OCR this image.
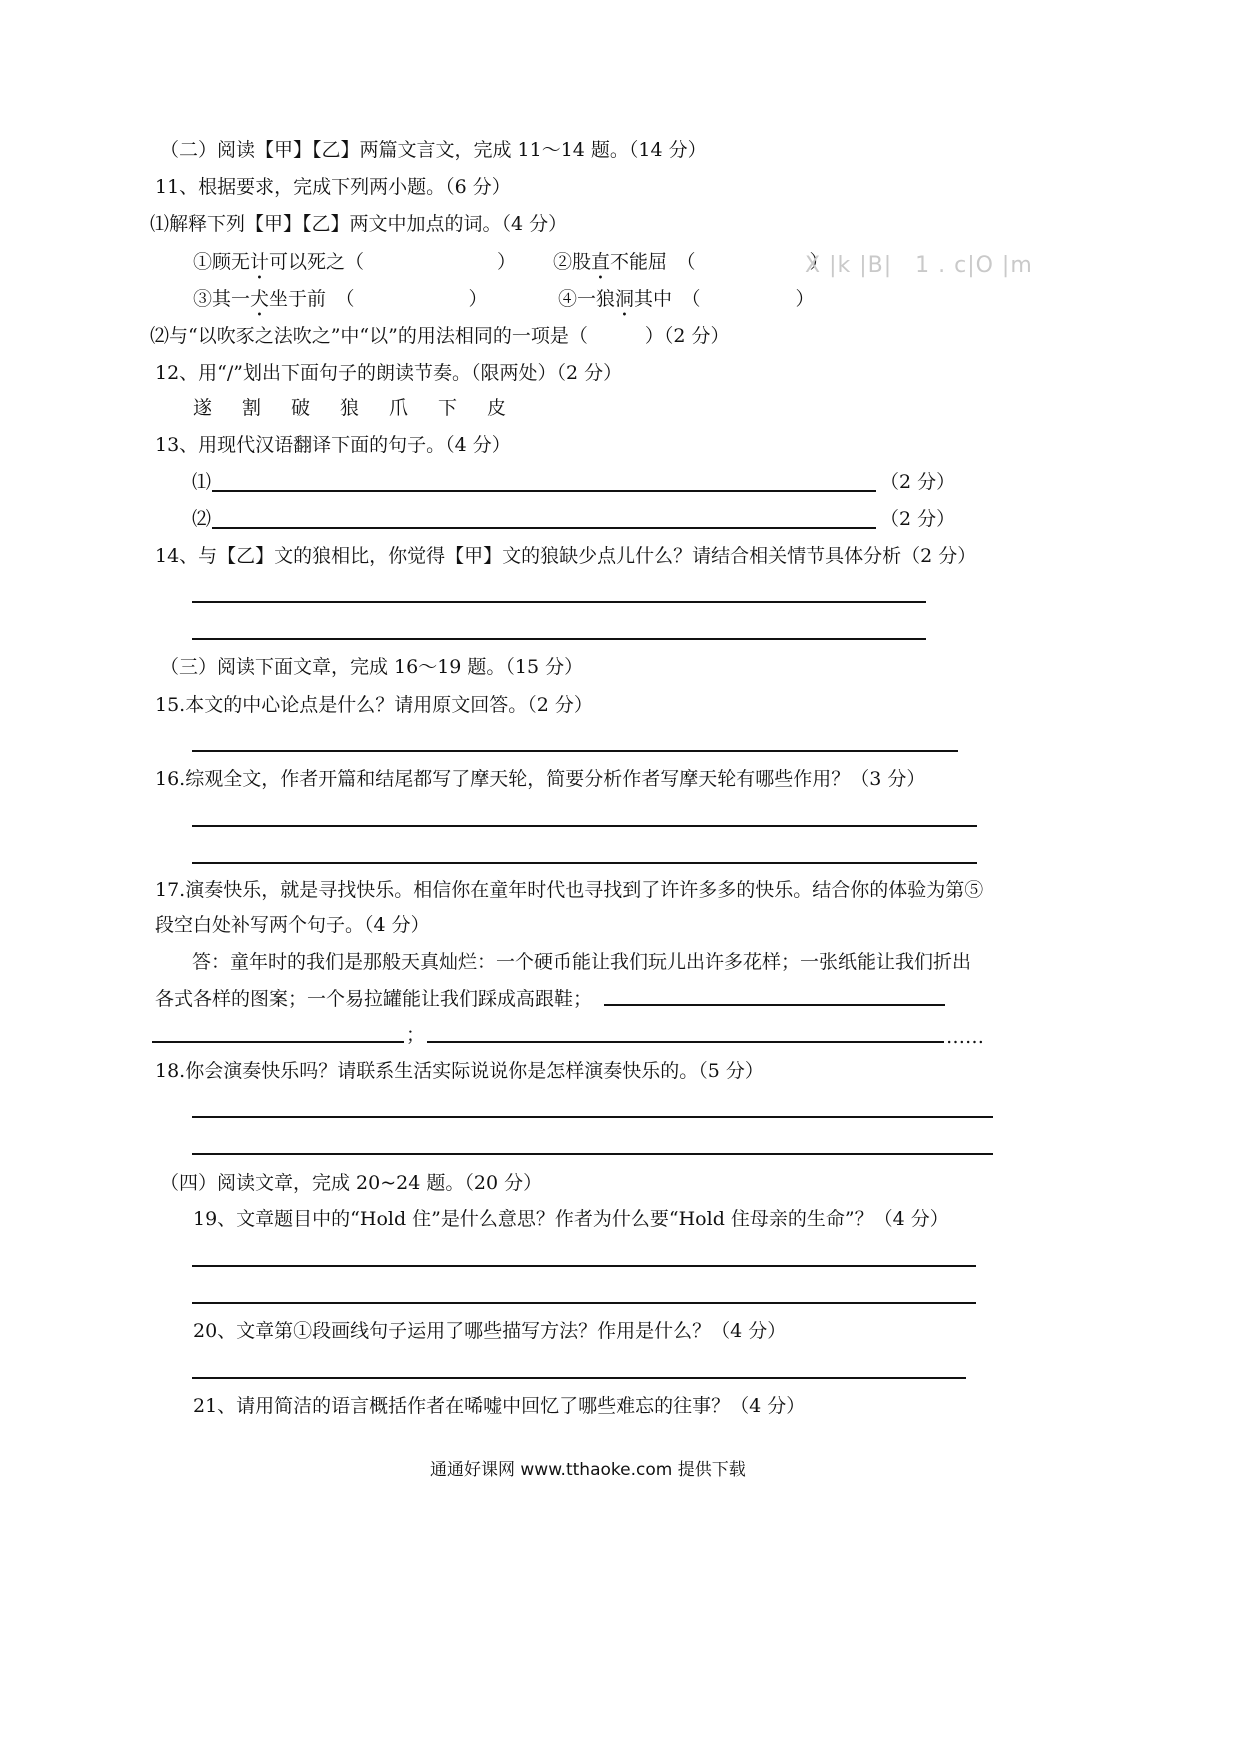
（二）阅读【甲】【乙】两篇文言文，完成 11～14 题。（14 分）
11、根据要求，完成下列两小题。（6 分）
⑴解释下列【甲】【乙】两文中加点的词。（4 分）
①顾无计可以死之（　　　　　　　） ②股直不能屈　（　　　　　　）
X |k |B|　1 . c|O |m
③其一犬坐于前　（　　　　　　）	④一狼洞其中　（　　　　　）
⑵与“以吹豕之法吹之”中“以”的用法相同的一项是（　　　）（2 分）
12、用“/”划出下面句子的朗读节奏。（限两处）（2 分）
遂割破狼爪下皮
13、用现代汉语翻译下面的句子。（4 分）
⑴	（2 分）
⑵	（2 分）
14、与【乙】文的狼相比，你觉得【甲】文的狼缺少点儿什么？请结合相关情节具体分析（2 分）
（三）阅读下面文章，完成 16～19 题。（15 分）
15.本文的中心论点是什么？请用原文回答。（2 分）
16.综观全文，作者开篇和结尾都写了摩天轮，简要分析作者写摩天轮有哪些作用？（3 分）
17.演奏快乐，就是寻找快乐。相信你在童年时代也寻找到了许许多多的快乐。结合你的体验为第⑤
段空白处补写两个句子。（4 分）
答：童年时的我们是那般天真灿烂：一个硬币能让我们玩儿出许多花样；一张纸能让我们折出
各式各样的图案；一个易拉罐能让我们踩成高跟鞋；
；	……
18.你会演奏快乐吗？请联系生活实际说说你是怎样演奏快乐的。（5 分）
（四）阅读文章，完成 20~24 题。（20 分）
19、文章题目中的“Hold 住”是什么意思？作者为什么要“Hold 住母亲的生命”？（4 分）
20、文章第①段画线句子运用了哪些描写方法？作用是什么？（4 分）
21、请用简洁的语言概括作者在唏嘘中回忆了哪些难忘的往事？（4 分）
通通好课网 www.tthaoke.com 提供下载
